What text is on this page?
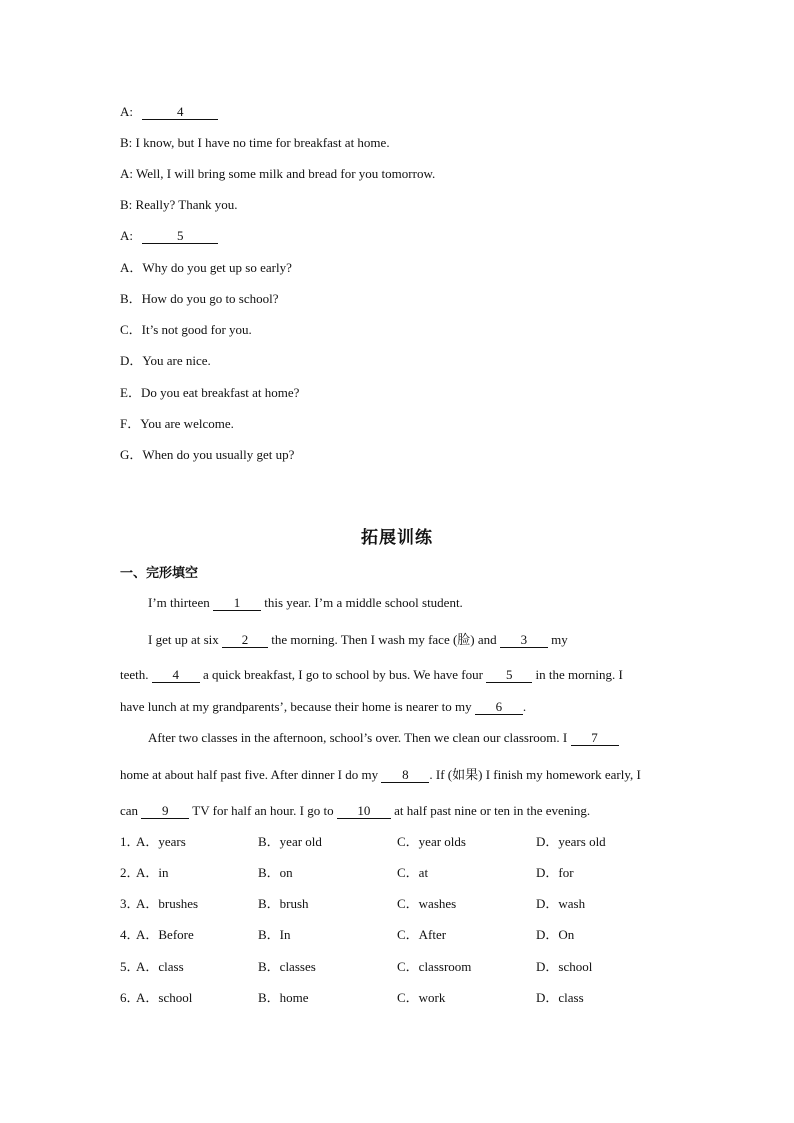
A:	4
B: I know, but I have no time for breakfast at home.
A: Well, I will bring some milk and bread for you tomorrow.
B: Really? Thank you.
A:	5
A．Why do you get up so early?
B．How do you go to school?
C．It’s not good for you.
D．You are nice.
E．Do you eat breakfast at home?
F．You are welcome.
G．When do you usually get up?
拓展训练
一、完形填空
I’m thirteen 1 this year. I’m a middle school student.
I get up at six 2 the morning. Then I wash my face (脸) and 3 my
teeth. 4 a quick breakfast, I go to school by bus. We have four 5 in the morning. I
have lunch at my grandparents’, because their home is nearer to my 6 .
After two classes in the afternoon, school’s over. Then we clean our classroom. I 7
home at about half past five. After dinner I do my 8 . If (如果) I finish my homework early, I
can 9 TV for half an hour. I go to 10 at half past nine or ten in the evening.
1．
A．years	B．year old	C．year olds	D．years old
2．
A．in	B．on	C．at	D．for
3．
A．brushes	B．brush	C．washes	D．wash
4．
A．Before	B．In	C．After	D．On
5．
A．class	B．classes	C．classroom	D．school
6．
A．school	B．home	C．work	D．class
